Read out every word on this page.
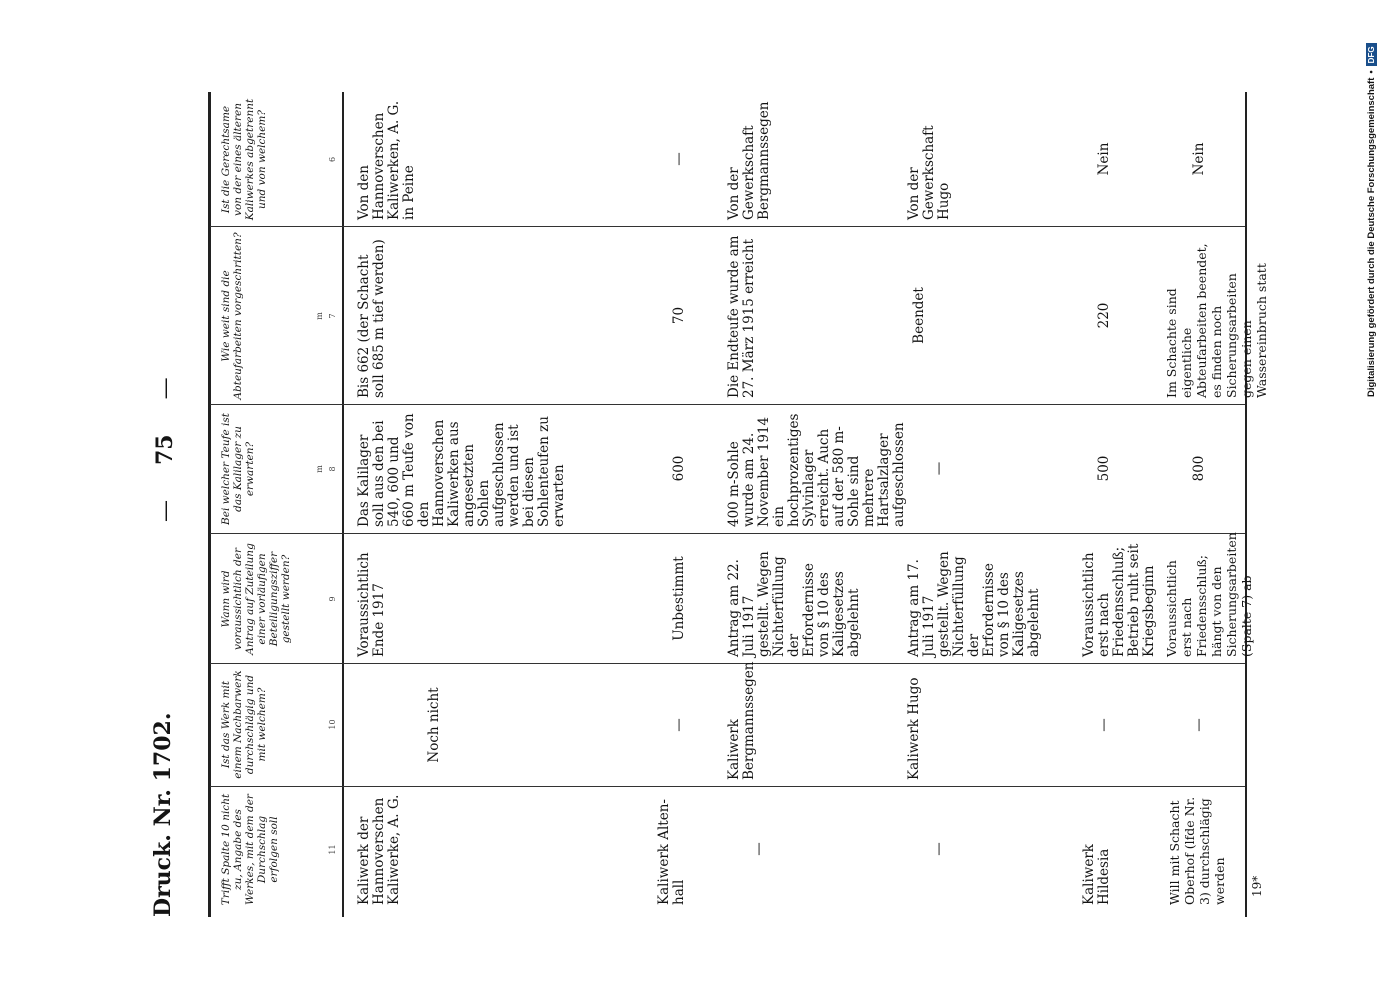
Druck. Nr. 1702.
— 75 —
Trifft Spalte 10 nicht zu, Angabe des Werkes, mit dem der Durchschlag erfolgen soll
Ist das Werk mit einem Nachbarwerk durchschlägig und mit welchem?
Wann wird voraussichtlich der Antrag auf Zuteilung einer vorläufigen Beteiligungsziffer gestellt werden?
Bei welcher Teufe ist das Kalilager zu erwarten?
Wie weit sind die Abteufarbeiten vorgeschritten?
Ist die Gerechtsame von der eines älteren Kaliwerkes abgetrennt und von welchem?
11
10
9
8
7
6
m
m
Kaliwerk der Hannoverschen Kaliwerke, A. G.
Noch nicht
Voraussichtlich Ende 1917
Das Kalilager soll aus den bei 540, 600 und 660 m Teufe von den Hannoverschen Kaliwerken aus angesetzten Sohlen aufgeschlossen werden und ist bei diesen Sohlenteufen zu erwarten
Bis 662 (der Schacht soll 685 m tief werden)
Von den Hannoverschen Kaliwerken, A. G. in Peine
Kaliwerk Alten-hall
—
Unbestimmt
600
70
—
—
Kaliwerk Bergmannssegen
Antrag am 22. Juli 1917 gestellt. Wegen Nichterfüllung der Erfordernisse von § 10 des Kaligesetzes abgelehnt
400 m-Sohle wurde am 24. November 1914 ein hochprozentiges Sylvinlager erreicht. Auch auf der 580 m-Sohle sind mehrere Hartsalzlager aufgeschlossen
Die Endteufe wurde am 27. März 1915 erreicht
Von der Gewerkschaft Bergmannssegen
—
Kaliwerk Hugo
Antrag am 17. Juli 1917 gestellt. Wegen Nichterfüllung der Erfordernisse von § 10 des Kaligesetzes abgelehnt
—
Beendet
Von der Gewerkschaft Hugo
Kaliwerk Hildesia
—
Voraussichtlich erst nach Friedensschluß; Betrieb ruht seit Kriegsbeginn
500
220
Nein
Will mit Schacht Oberhof (lfde Nr. 3) durchschlägig werden
—
Voraussichtlich erst nach Friedensschluß; hängt von den Sicherungsarbeiten (Spalte 7) ab
800
Im Schachte sind eigentliche Abteufarbeiten beendet, es finden noch Sicherungsarbeiten gegen einen Wassereinbruch statt
Nein
19*
Digitalisierung gefördert durch die Deutsche Forschungsgemeinschaft
•
DFG
